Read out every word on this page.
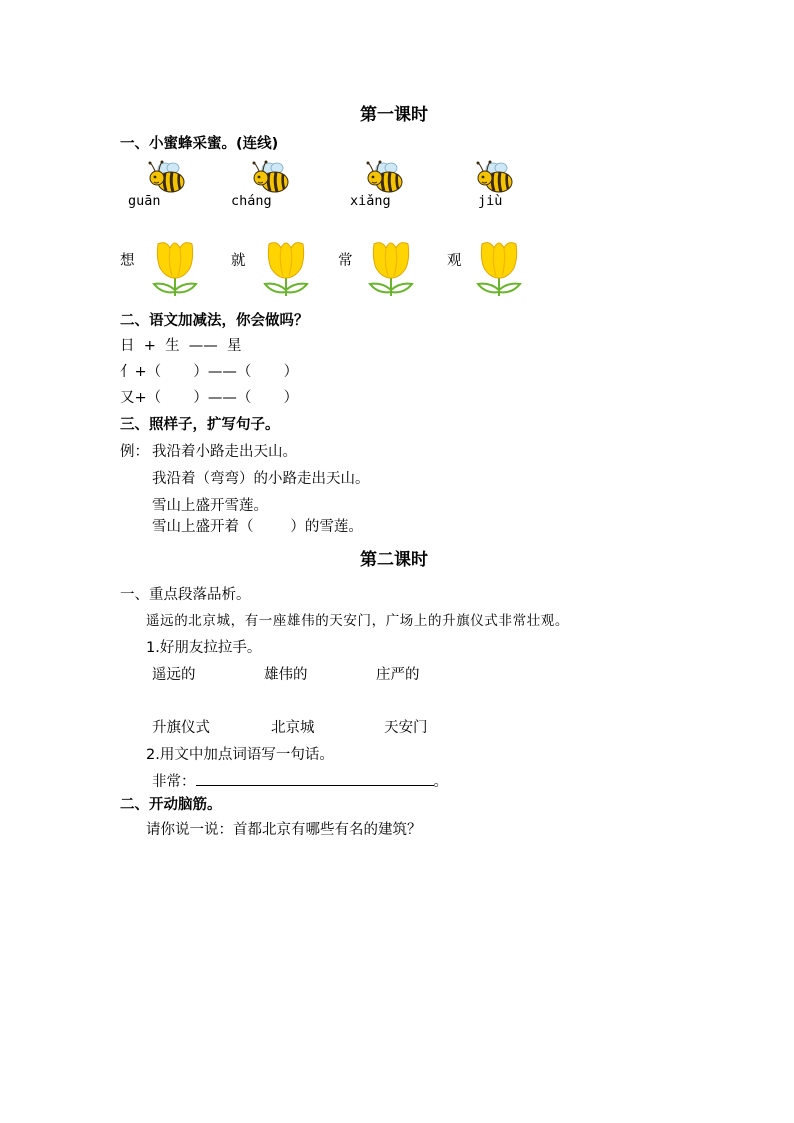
第一课时
一、小蜜蜂采蜜。(连线)
guān	cháng	xiǎng	jiù
想	就	常	观
二、语文加减法，你会做吗？
日  +  生  ——  星
亻+（       ）——（       ）
又+（       ）——（       ）
三、照样子，扩写句子。
例： 我沿着小路走出天山。
我沿着（弯弯）的小路走出天山。
雪山上盛开雪莲。
雪山上盛开着（        ）的雪莲。
第二课时
一、重点段落品析。
遥远的北京城，有一座雄伟的天安门，广场上的升旗仪式非常壮观。
1.好朋友拉拉手。
遥远的	雄伟的	庄严的
升旗仪式	北京城	天安门
2.用文中加点词语写一句话。
非常：	。
二、开动脑筋。
请你说一说：首都北京有哪些有名的建筑？
